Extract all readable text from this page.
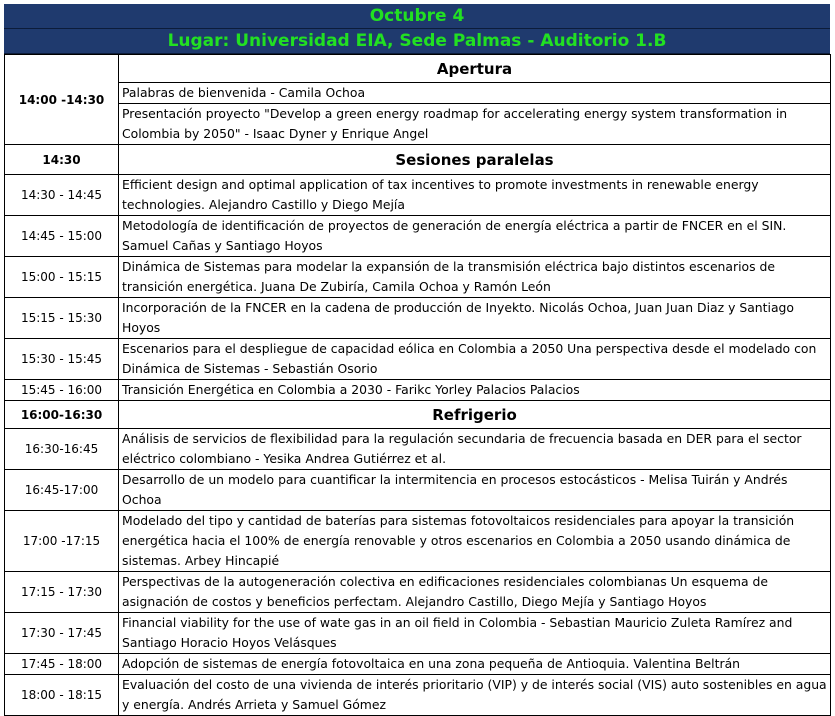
Octubre 4
Lugar: Universidad EIA, Sede Palmas - Auditorio 1.B
14:00 -14:30	Apertura
	Palabras de bienvenida - Camila Ochoa
	Presentación proyecto "Develop a green energy roadmap for accelerating energy system transformation in Colombia by 2050" - Isaac Dyner y Enrique Angel
14:30	Sesiones paralelas
14:30 - 14:45	Efficient design and optimal application of tax incentives to promote investments in renewable energy technologies. Alejandro Castillo y Diego Mejía
14:45 - 15:00	Metodología de identificación de proyectos de generación de energía eléctrica a partir de FNCER en el SIN. Samuel Cañas y Santiago Hoyos
15:00 - 15:15	Dinámica de Sistemas para modelar la expansión de la transmisión eléctrica bajo distintos escenarios de transición energética. Juana De Zubiría, Camila Ochoa y Ramón León
15:15 - 15:30	Incorporación de la FNCER en la cadena de producción de Inyekto. Nicolás Ochoa, Juan Juan Diaz y Santiago Hoyos
15:30 - 15:45	Escenarios para el despliegue de capacidad eólica en Colombia a 2050 Una perspectiva desde el modelado con Dinámica de Sistemas - Sebastián Osorio
15:45 - 16:00	Transición Energética en Colombia a 2030 - Farikc Yorley Palacios Palacios
16:00-16:30	Refrigerio
16:30-16:45	Análisis de servicios de flexibilidad para la regulación secundaria de frecuencia basada en DER para el sector eléctrico colombiano - Yesika Andrea Gutiérrez et al.
16:45-17:00	Desarrollo de un modelo para cuantificar la intermitencia en procesos estocásticos - Melisa Tuirán y Andrés Ochoa
17:00 -17:15	Modelado del tipo y cantidad de baterías para sistemas fotovoltaicos residenciales para apoyar la transición energética hacia el 100% de energía renovable y otros escenarios en Colombia a 2050 usando dinámica de sistemas. Arbey Hincapié
17:15 - 17:30	Perspectivas de la autogeneración colectiva en edificaciones residenciales colombianas Un esquema de asignación de costos y beneficios perfectam. Alejandro Castillo, Diego Mejía y Santiago Hoyos
17:30 - 17:45	Financial viability for the use of wate gas in an oil field in Colombia - Sebastian Mauricio Zuleta Ramírez and Santiago Horacio Hoyos Velásques
17:45 - 18:00	Adopción de sistemas de energía fotovoltaica en una zona pequeña de Antioquia. Valentina Beltrán
18:00 - 18:15	Evaluación del costo de una vivienda de interés prioritario (VIP) y de interés social (VIS) auto sostenibles en agua y energía. Andrés Arrieta y Samuel Gómez
